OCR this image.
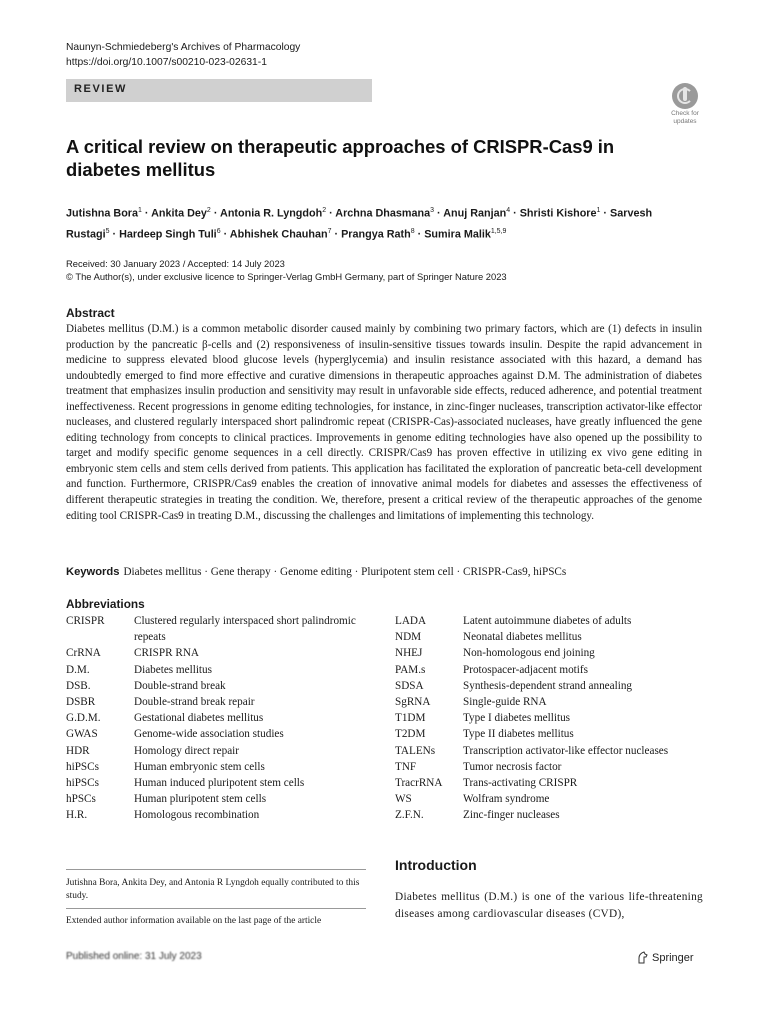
Naunyn-Schmiedeberg's Archives of Pharmacology
https://doi.org/10.1007/s00210-023-02631-1
REVIEW
Check for
updates
A critical review on therapeutic approaches of CRISPR-Cas9 in diabetes mellitus

Jutishna Bora$^1$ · Ankita Dey$^2$ · Antonia R. Lyngdoh$^2$ · Archna Dhasmana$^3$ · Anuj Ranjan$^4$ · Shristi Kishore$^1$ · Sarvesh Rustagi$^5$ · Hardeep Singh Tuli$^6$ · Abhishek Chauhan$^7$ · Prangya Rath$^8$ · Sumira Malik$^{1,5,9}$

Received: 30 January 2023 / Accepted: 14 July 2023
© The Author(s), under exclusive licence to Springer-Verlag GmbH Germany, part of Springer Nature 2023
Abstract

Diabetes mellitus (D.M.) is a common metabolic disorder caused mainly by combining two primary factors, which are (1) defects in insulin production by the pancreatic β-cells and (2) responsiveness of insulin-sensitive tissues towards insulin. Despite the rapid advancement in medicine to suppress elevated blood glucose levels (hyperglycemia) and insulin resistance associated with this hazard, a demand has undoubtedly emerged to find more effective and curative dimensions in therapeutic approaches against D.M. The administration of diabetes treatment that emphasizes insulin production and sensitivity may result in unfavorable side effects, reduced adherence, and potential treatment ineffectiveness. Recent progressions in genome editing technologies, for instance, in zinc-finger nucleases, transcription activator-like effector nucleases, and clustered regularly interspaced short palindromic repeat (CRISPR-Cas)-associated nucleases, have greatly influenced the gene editing technology from concepts to clinical practices. Improvements in genome editing technologies have also opened up the possibility to target and modify specific genome sequences in a cell directly. CRISPR/Cas9 has proven effective in utilizing ex vivo gene editing in embryonic stem cells and stem cells derived from patients. This application has facilitated the exploration of pancreatic beta-cell development and function. Furthermore, CRISPR/Cas9 enables the creation of innovative animal models for diabetes and assesses the effectiveness of different therapeutic strategies in treating the condition. We, therefore, present a critical review of the therapeutic approaches of the genome editing tool CRISPR-Cas9 in treating D.M., discussing the challenges and limitations of implementing this technology.

Keywords Diabetes mellitus · Gene therapy · Genome editing · Pluripotent stem cell · CRISPR-Cas9, hiPSCs
Abbreviations
CRISPR	Clustered regularly interspaced short palindromic repeats
CrRNA	CRISPR RNA
D.M.	Diabetes mellitus
DSB.	Double-strand break
DSBR	Double-strand break repair
G.D.M.	Gestational diabetes mellitus
GWAS	Genome-wide association studies
HDR	Homology direct repair
hiPSCs	Human embryonic stem cells
hiPSCs	Human induced pluripotent stem cells
hPSCs	Human pluripotent stem cells
H.R.	Homologous recombination
LADA	Latent autoimmune diabetes of adults
NDM	Neonatal diabetes mellitus
NHEJ	Non-homologous end joining
PAM.s	Protospacer-adjacent motifs
SDSA	Synthesis-dependent strand annealing
SgRNA	Single-guide RNA
T1DM	Type I diabetes mellitus
T2DM	Type II diabetes mellitus
TALENs	Transcription activator-like effector nucleases
TNF	Tumor necrosis factor
TracrRNA	Trans-activating CRISPR
WS	Wolfram syndrome
Z.F.N.	Zinc-finger nucleases
Jutishna Bora, Ankita Dey, and Antonia R Lyngdoh equally contributed to this study.
Extended author information available on the last page of the article
Introduction

Diabetes mellitus (D.M.) is one of the various life-threatening diseases among cardiovascular diseases (CVD),

Published online: 31 July 2023	Springer
